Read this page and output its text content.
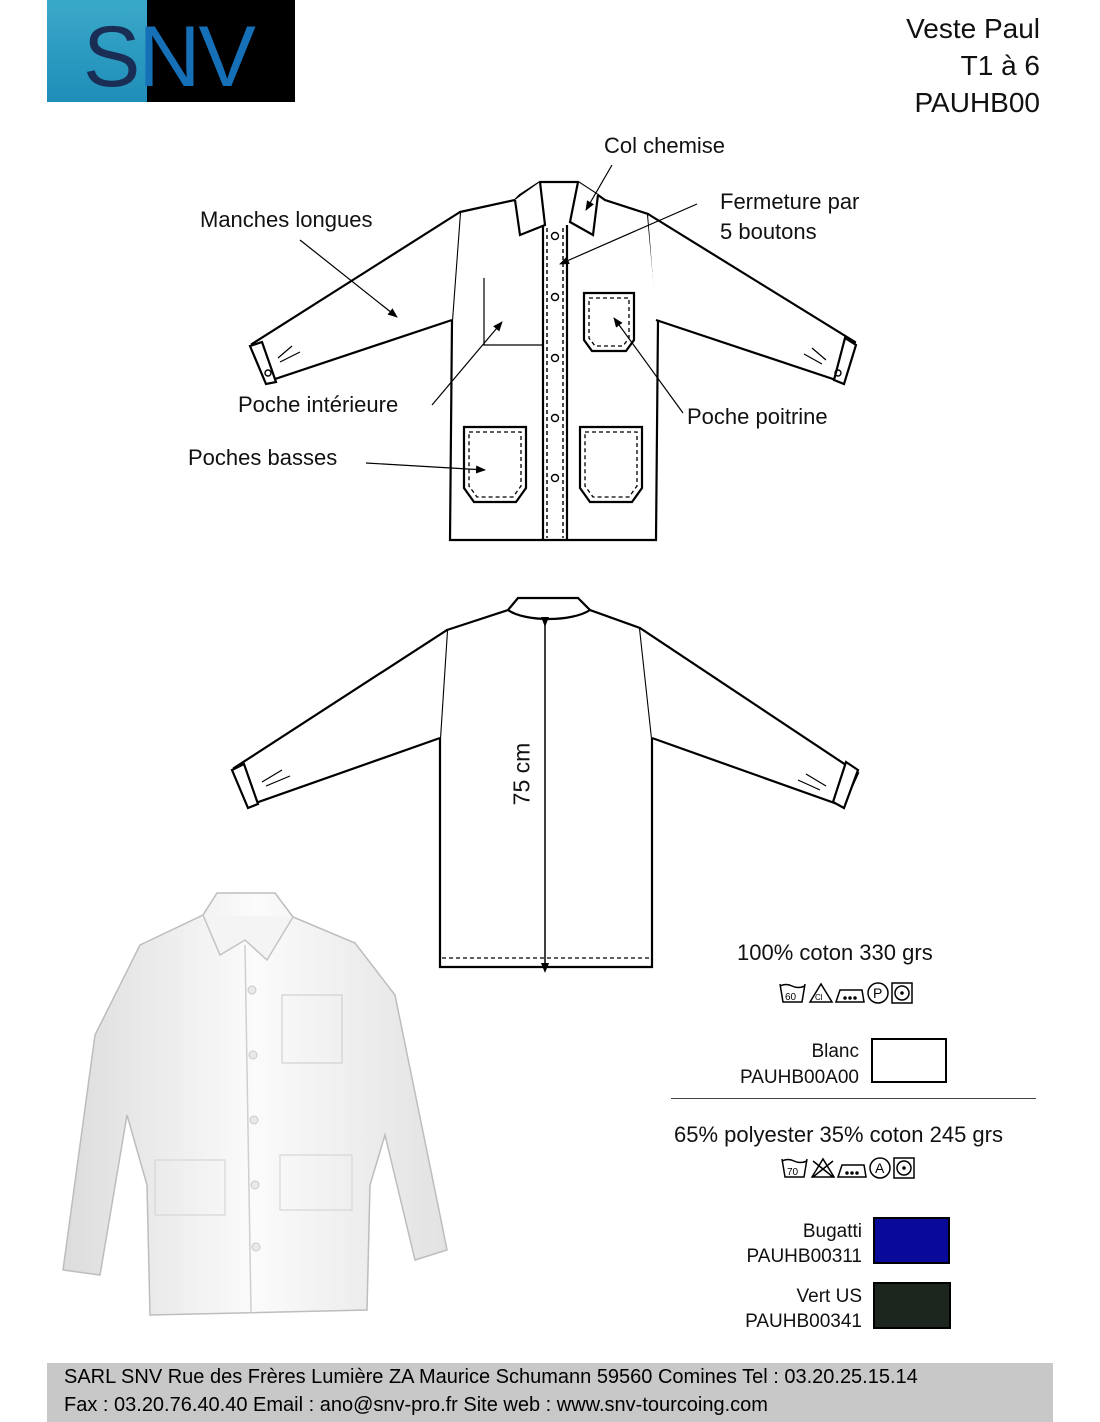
SNV	Veste Paul
T1 à 6
PAUHB00
Col chemise
Fermeture par
5 boutons
Manches longues
Poche intérieure
Poches basses
Poche poitrine
75 cm
100% coton 330 grs
60 Cl	P
Blanc
PAUHB00A00
65% polyester 35% coton 245 grs
70	A
Bugatti
PAUHB00311
Vert US
PAUHB00341
SARL SNV Rue des Frères Lumière ZA Maurice Schumann 59560 Comines Tel : 03.20.25.15.14
Fax : 03.20.76.40.40 Email : ano@snv-pro.fr Site web : www.snv-tourcoing.com
